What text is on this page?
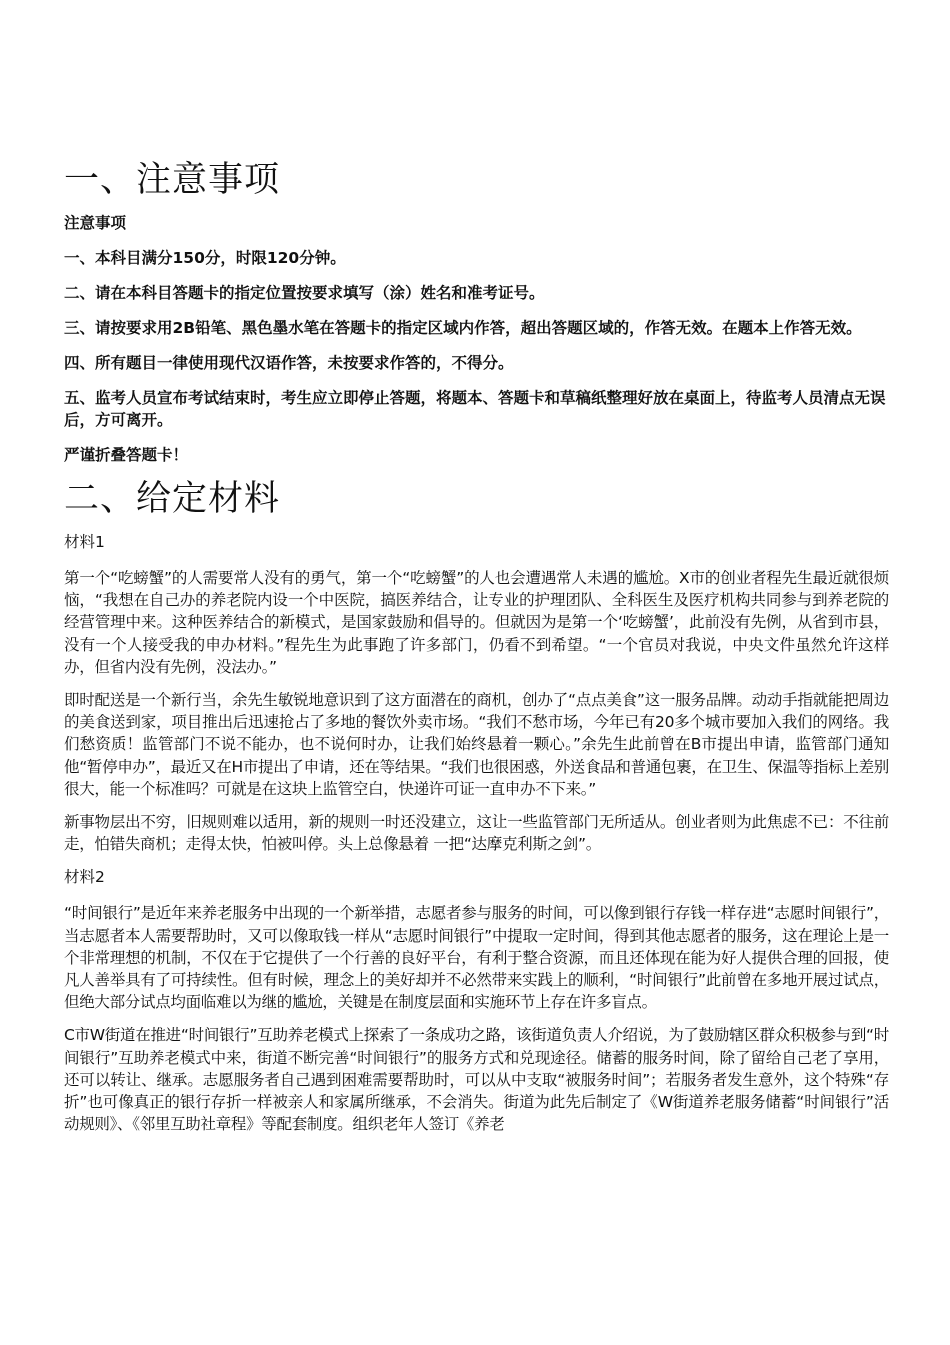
一、注意事项

注意事项

一、本科目满分150分，时限120分钟。

二、请在本科目答题卡的指定位置按要求填写（涂）姓名和准考证号。

三、请按要求用2B铅笔、黑色墨水笔在答题卡的指定区域内作答，超出答题区域的，作答无效。在题本上作答无效。

四、所有题目一律使用现代汉语作答，未按要求作答的，不得分。

五、监考人员宣布考试结束时，考生应立即停止答题，将题本、答题卡和草稿纸整理好放在桌面上，待监考人员清点无误后，方可离开。

严谨折叠答题卡！

二、给定材料

材料1

第一个“吃螃蟹”的人需要常人没有的勇气，第一个“吃螃蟹”的人也会遭遇常人未遇的尴尬。X市的创业者程先生最近就很烦恼，“我想在自己办的养老院内设一个中医院，搞医养结合，让专业的护理团队、全科医生及医疗机构共同参与到养老院的经营管理中来。这种医养结合的新模式，是国家鼓励和倡导的。但就因为是第一个‘吃螃蟹’，此前没有先例，从省到市县，没有一个人接受我的申办材料。”程先生为此事跑了许多部门，仍看不到希望。“一个官员对我说，中央文件虽然允许这样办，但省内没有先例，没法办。”

即时配送是一个新行当，余先生敏锐地意识到了这方面潜在的商机，创办了“点点美食”这一服务品牌。动动手指就能把周边的美食送到家，项目推出后迅速抢占了多地的餐饮外卖市场。“我们不愁市场，今年已有20多个城市要加入我们的网络。我们愁资质！监管部门不说不能办，也不说何时办，让我们始终悬着一颗心。”余先生此前曾在B市提出申请，监管部门通知他“暂停申办”，最近又在H市提出了申请，还在等结果。“我们也很困惑，外送食品和普通包裹，在卫生、保温等指标上差别很大，能一个标准吗？可就是在这块上监管空白，快递许可证一直申办不下来。”

新事物层出不穷，旧规则难以适用，新的规则一时还没建立，这让一些监管部门无所适从。创业者则为此焦虑不已：不往前走，怕错失商机；走得太快，怕被叫停。头上总像悬着 一把“达摩克利斯之剑”。

材料2

“时间银行”是近年来养老服务中出现的一个新举措，志愿者参与服务的时间，可以像到银行存钱一样存进“志愿时间银行”，当志愿者本人需要帮助时，又可以像取钱一样从“志愿时间银行”中提取一定时间，得到其他志愿者的服务，这在理论上是一个非常理想的机制，不仅在于它提供了一个行善的良好平台，有利于整合资源，而且还体现在能为好人提供合理的回报，使凡人善举具有了可持续性。但有时候，理念上的美好却并不必然带来实践上的顺利，“时间银行”此前曾在多地开展过试点，但绝大部分试点均面临难以为继的尴尬，关键是在制度层面和实施环节上存在许多盲点。

C市W街道在推进“时间银行”互助养老模式上探索了一条成功之路，该街道负责人介绍说，为了鼓励辖区群众积极参与到“时间银行”互助养老模式中来，街道不断完善“时间银行”的服务方式和兑现途径。储蓄的服务时间，除了留给自己老了享用，还可以转让、继承。志愿服务者自己遇到困难需要帮助时，可以从中支取“被服务时间”；若服务者发生意外，这个特殊“存折”也可像真正的银行存折一样被亲人和家属所继承，不会消失。街道为此先后制定了《W街道养老服务储蓄“时间银行”活动规则》、《邻里互助社章程》等配套制度。组织老年人签订《养老
